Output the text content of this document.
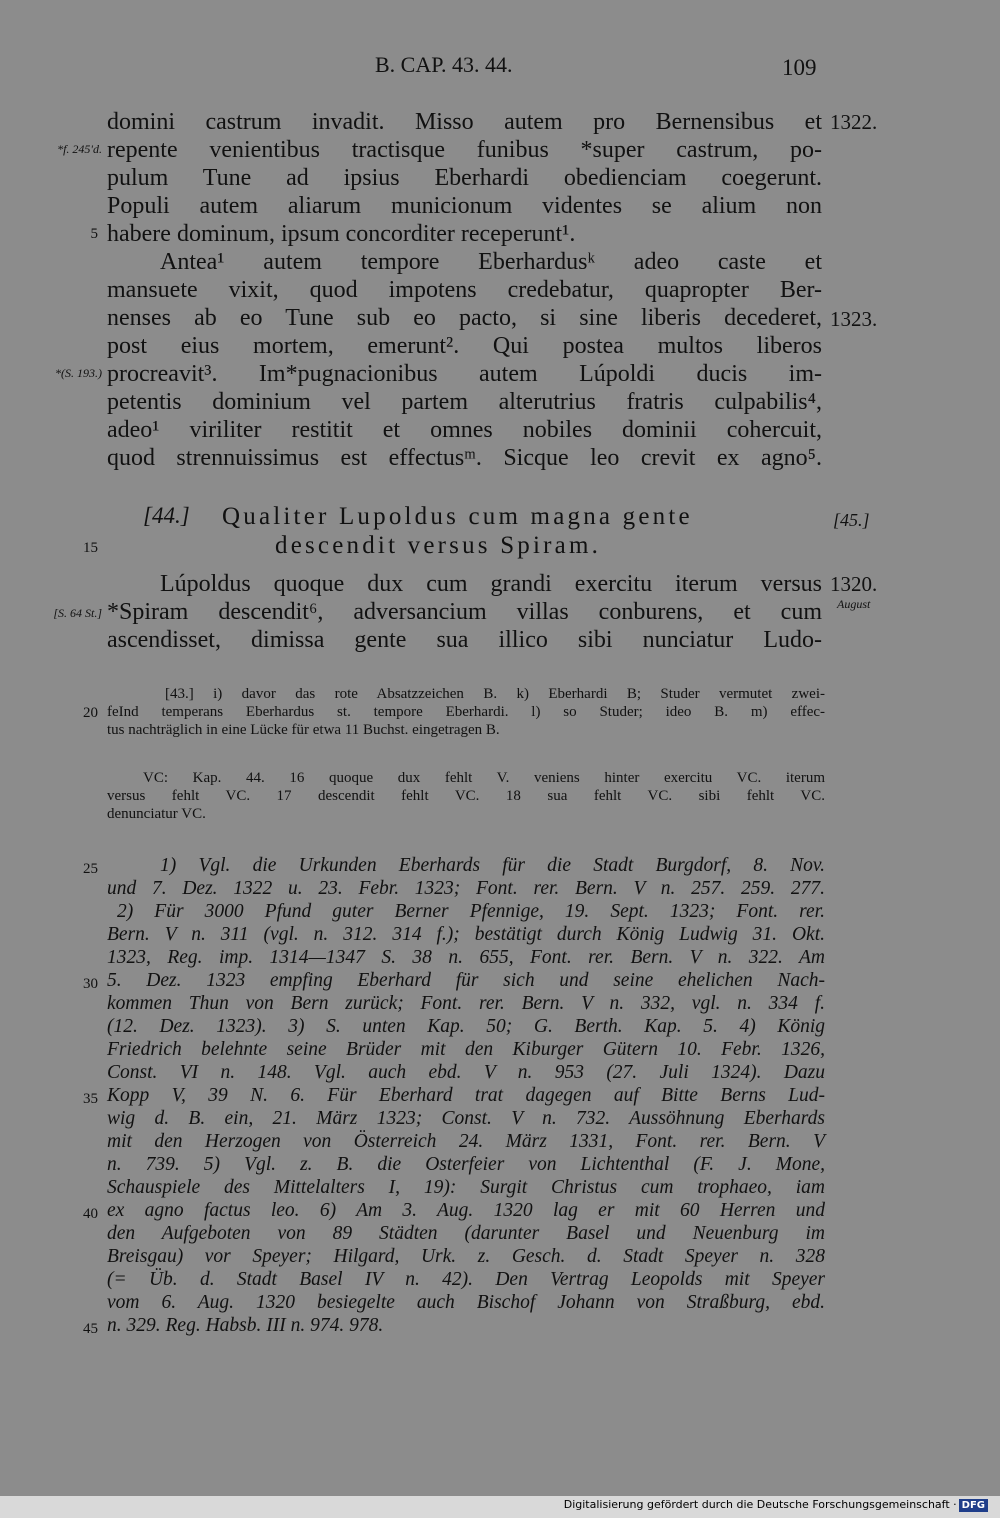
B. CAP. 43. 44.	109
domini castrum invadit. Misso autem pro Bernensibus et
repente venientibus tractisque funibus *super castrum, po-
pulum Tune ad ipsius Eberhardi obedienciam coegerunt.
Populi autem aliarum municionum videntes se alium non
habere dominum, ipsum concorditer receperunt¹.
Antea¹ autem tempore Eberhardusᵏ adeo caste et
mansuete vixit, quod impotens credebatur, quapropter Ber-
nenses ab eo Tune sub eo pacto, si sine liberis decederet,
post eius mortem, emerunt². Qui postea multos liberos
procreavit³. Im*pugnacionibus autem Lúpoldi ducis im-
petentis dominium vel partem alterutrius fratris culpabilis⁴,
adeo¹ viriliter restitit et omnes nobiles dominii cohercuit,
quod strennuissimus est effectusᵐ. Sicque leo crevit ex agno⁵.
1322.
*f. 245'd.
5
1323.
*(S. 193.)
[44.] Qualiter Lupoldus cum magna gente
descendit versus Spiram.
[45.]
15
Lúpoldus quoque dux cum grandi exercitu iterum versus
*Spiram descendit⁶, adversancium villas conburens, et cum
ascendisset, dimissa gente sua illico sibi nunciatur Ludo-
1320.
August
[S. 64 St.]
[43.] i) davor das rote Absatzzeichen B. k) Eberhardi B; Studer vermutet zwei-
feInd temperans Eberhardus st. tempore Eberhardi. l) so Studer; ideo B. m) effec-
tus nachträglich in eine Lücke für etwa 11 Buchst. eingetragen B.
20
VC: Kap. 44. 16 quoque dux fehlt V. veniens hinter exercitu VC. iterum
versus fehlt VC. 17 descendit fehlt VC. 18 sua fehlt VC. sibi fehlt VC.
denunciatur VC.
1) Vgl. die Urkunden Eberhards für die Stadt Burgdorf, 8. Nov.
und 7. Dez. 1322 u. 23. Febr. 1323; Font. rer. Bern. V n. 257. 259. 277.
2) Für 3000 Pfund guter Berner Pfennige, 19. Sept. 1323; Font. rer.
Bern. V n. 311 (vgl. n. 312. 314 f.); bestätigt durch König Ludwig 31. Okt.
1323, Reg. imp. 1314—1347 S. 38 n. 655, Font. rer. Bern. V n. 322. Am
5. Dez. 1323 empfing Eberhard für sich und seine ehelichen Nach-
kommen Thun von Bern zurück; Font. rer. Bern. V n. 332, vgl. n. 334 f.
(12. Dez. 1323). 3) S. unten Kap. 50; G. Berth. Kap. 5. 4) König
Friedrich belehnte seine Brüder mit den Kiburger Gütern 10. Febr. 1326,
Const. VI n. 148. Vgl. auch ebd. V n. 953 (27. Juli 1324). Dazu
Kopp V, 39 N. 6. Für Eberhard trat dagegen auf Bitte Berns Lud-
wig d. B. ein, 21. März 1323; Const. V n. 732. Aussöhnung Eberhards
mit den Herzogen von Österreich 24. März 1331, Font. rer. Bern. V
n. 739. 5) Vgl. z. B. die Osterfeier von Lichtenthal (F. J. Mone,
Schauspiele des Mittelalters I, 19): Surgit Christus cum trophaeo, iam
ex agno factus leo. 6) Am 3. Aug. 1320 lag er mit 60 Herren und
den Aufgeboten von 89 Städten (darunter Basel und Neuenburg im
Breisgau) vor Speyer; Hilgard, Urk. z. Gesch. d. Stadt Speyer n. 328
(= Üb. d. Stadt Basel IV n. 42). Den Vertrag Leopolds mit Speyer
vom 6. Aug. 1320 besiegelte auch Bischof Johann von Straßburg, ebd.
n. 329. Reg. Habsb. III n. 974. 978.
25
30
35
40
45
Digitalisierung gefördert durch die Deutsche Forschungsgemeinschaft · DFG
